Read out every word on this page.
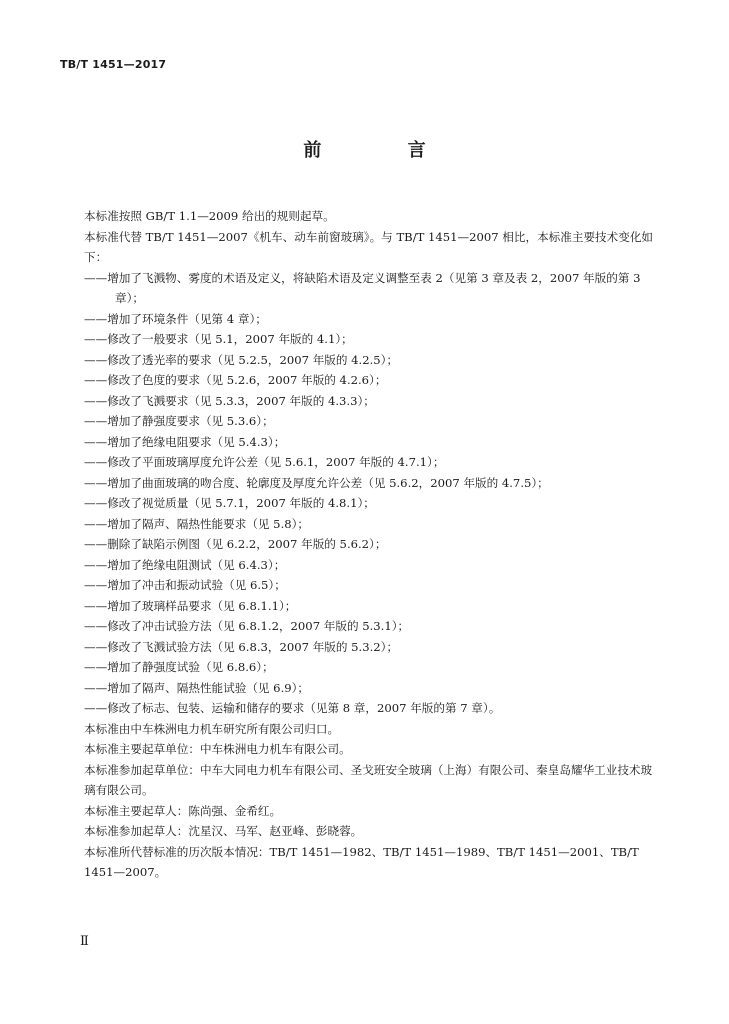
TB/T 1451—2017
前 言

本标准按照 GB/T 1.1—2009 给出的规则起草。

本标准代替 TB/T 1451—2007《机车、动车前窗玻璃》。与 TB/T 1451—2007 相比，本标准主要技术变化如下：

——增加了飞溅物、雾度的术语及定义，将缺陷术语及定义调整至表 2（见第 3 章及表 2，2007 年版的第 3 章）；

——增加了环境条件（见第 4 章）；

——修改了一般要求（见 5.1，2007 年版的 4.1）；

——修改了透光率的要求（见 5.2.5，2007 年版的 4.2.5）；

——修改了色度的要求（见 5.2.6，2007 年版的 4.2.6）；

——修改了飞溅要求（见 5.3.3，2007 年版的 4.3.3）；

——增加了静强度要求（见 5.3.6）；

——增加了绝缘电阻要求（见 5.4.3）；

——修改了平面玻璃厚度允许公差（见 5.6.1，2007 年版的 4.7.1）；

——增加了曲面玻璃的吻合度、轮廓度及厚度允许公差（见 5.6.2，2007 年版的 4.7.5）；

——修改了视觉质量（见 5.7.1，2007 年版的 4.8.1）；

——增加了隔声、隔热性能要求（见 5.8）；

——删除了缺陷示例图（见 6.2.2，2007 年版的 5.6.2）；

——增加了绝缘电阻测试（见 6.4.3）；

——增加了冲击和振动试验（见 6.5）；

——增加了玻璃样品要求（见 6.8.1.1）；

——修改了冲击试验方法（见 6.8.1.2，2007 年版的 5.3.1）；

——修改了飞溅试验方法（见 6.8.3，2007 年版的 5.3.2）；

——增加了静强度试验（见 6.8.6）；

——增加了隔声、隔热性能试验（见 6.9）；

——修改了标志、包装、运输和储存的要求（见第 8 章，2007 年版的第 7 章）。

本标准由中车株洲电力机车研究所有限公司归口。

本标准主要起草单位：中车株洲电力机车有限公司。

本标准参加起草单位：中车大同电力机车有限公司、圣戈班安全玻璃（上海）有限公司、秦皇岛耀华工业技术玻璃有限公司。

本标准主要起草人：陈尚强、金希红。

本标准参加起草人：沈星汉、马军、赵亚峰、彭晓蓉。

本标准所代替标准的历次版本情况：TB/T 1451—1982、TB/T 1451—1989、TB/T 1451—2001、TB/T 1451—2007。

Ⅱ
